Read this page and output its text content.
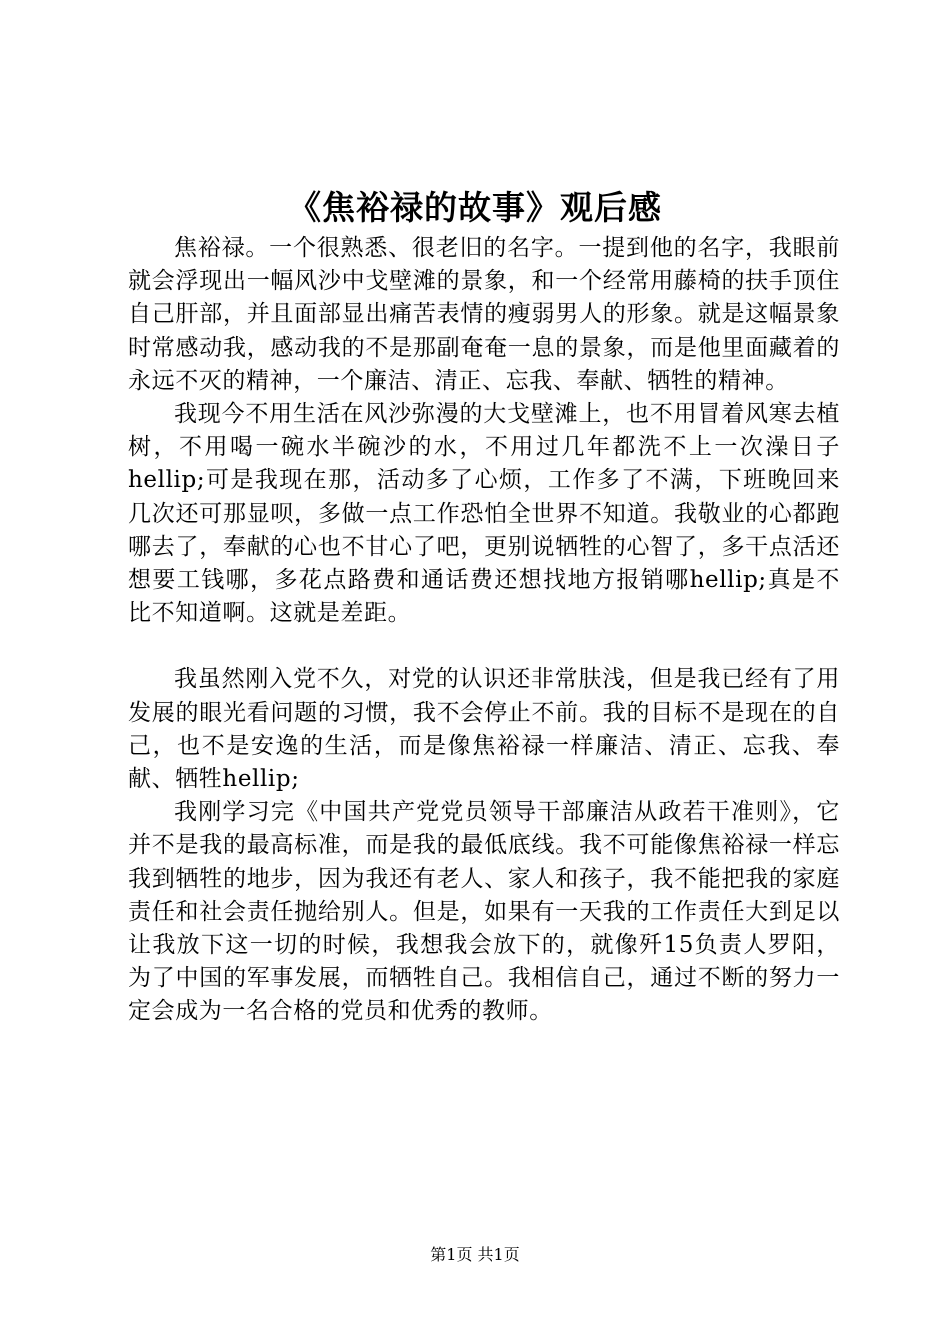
《焦裕禄的故事》观后感

焦裕禄。一个很熟悉、很老旧的名字。一提到他的名字，我眼前就会浮现出一幅风沙中戈壁滩的景象，和一个经常用藤椅的扶手顶住自己肝部，并且面部显出痛苦表情的瘦弱男人的形象。就是这幅景象时常感动我，感动我的不是那副奄奄一息的景象，而是他里面藏着的永远不灭的精神，一个廉洁、清正、忘我、奉献、牺牲的精神。

我现今不用生活在风沙弥漫的大戈壁滩上，也不用冒着风寒去植树，不用喝一碗水半碗沙的水，不用过几年都洗不上一次澡日子hellip;可是我现在那，活动多了心烦，工作多了不满，下班晚回来几次还可那显呗，多做一点工作恐怕全世界不知道。我敬业的心都跑哪去了，奉献的心也不甘心了吧，更别说牺牲的心智了，多干点活还想要工钱哪，多花点路费和通话费还想找地方报销哪hellip;真是不比不知道啊。这就是差距。

我虽然刚入党不久，对党的认识还非常肤浅，但是我已经有了用发展的眼光看问题的习惯，我不会停止不前。我的目标不是现在的自己，也不是安逸的生活，而是像焦裕禄一样廉洁、清正、忘我、奉献、牺牲hellip;

我刚学习完《中国共产党党员领导干部廉洁从政若干准则》，它并不是我的最高标准，而是我的最低底线。我不可能像焦裕禄一样忘我到牺牲的地步，因为我还有老人、家人和孩子，我不能把我的家庭责任和社会责任抛给别人。但是，如果有一天我的工作责任大到足以让我放下这一切的时候，我想我会放下的，就像歼15负责人罗阳，为了中国的军事发展，而牺牲自己。我相信自己，通过不断的努力一定会成为一名合格的党员和优秀的教师。

第1页 共1页
